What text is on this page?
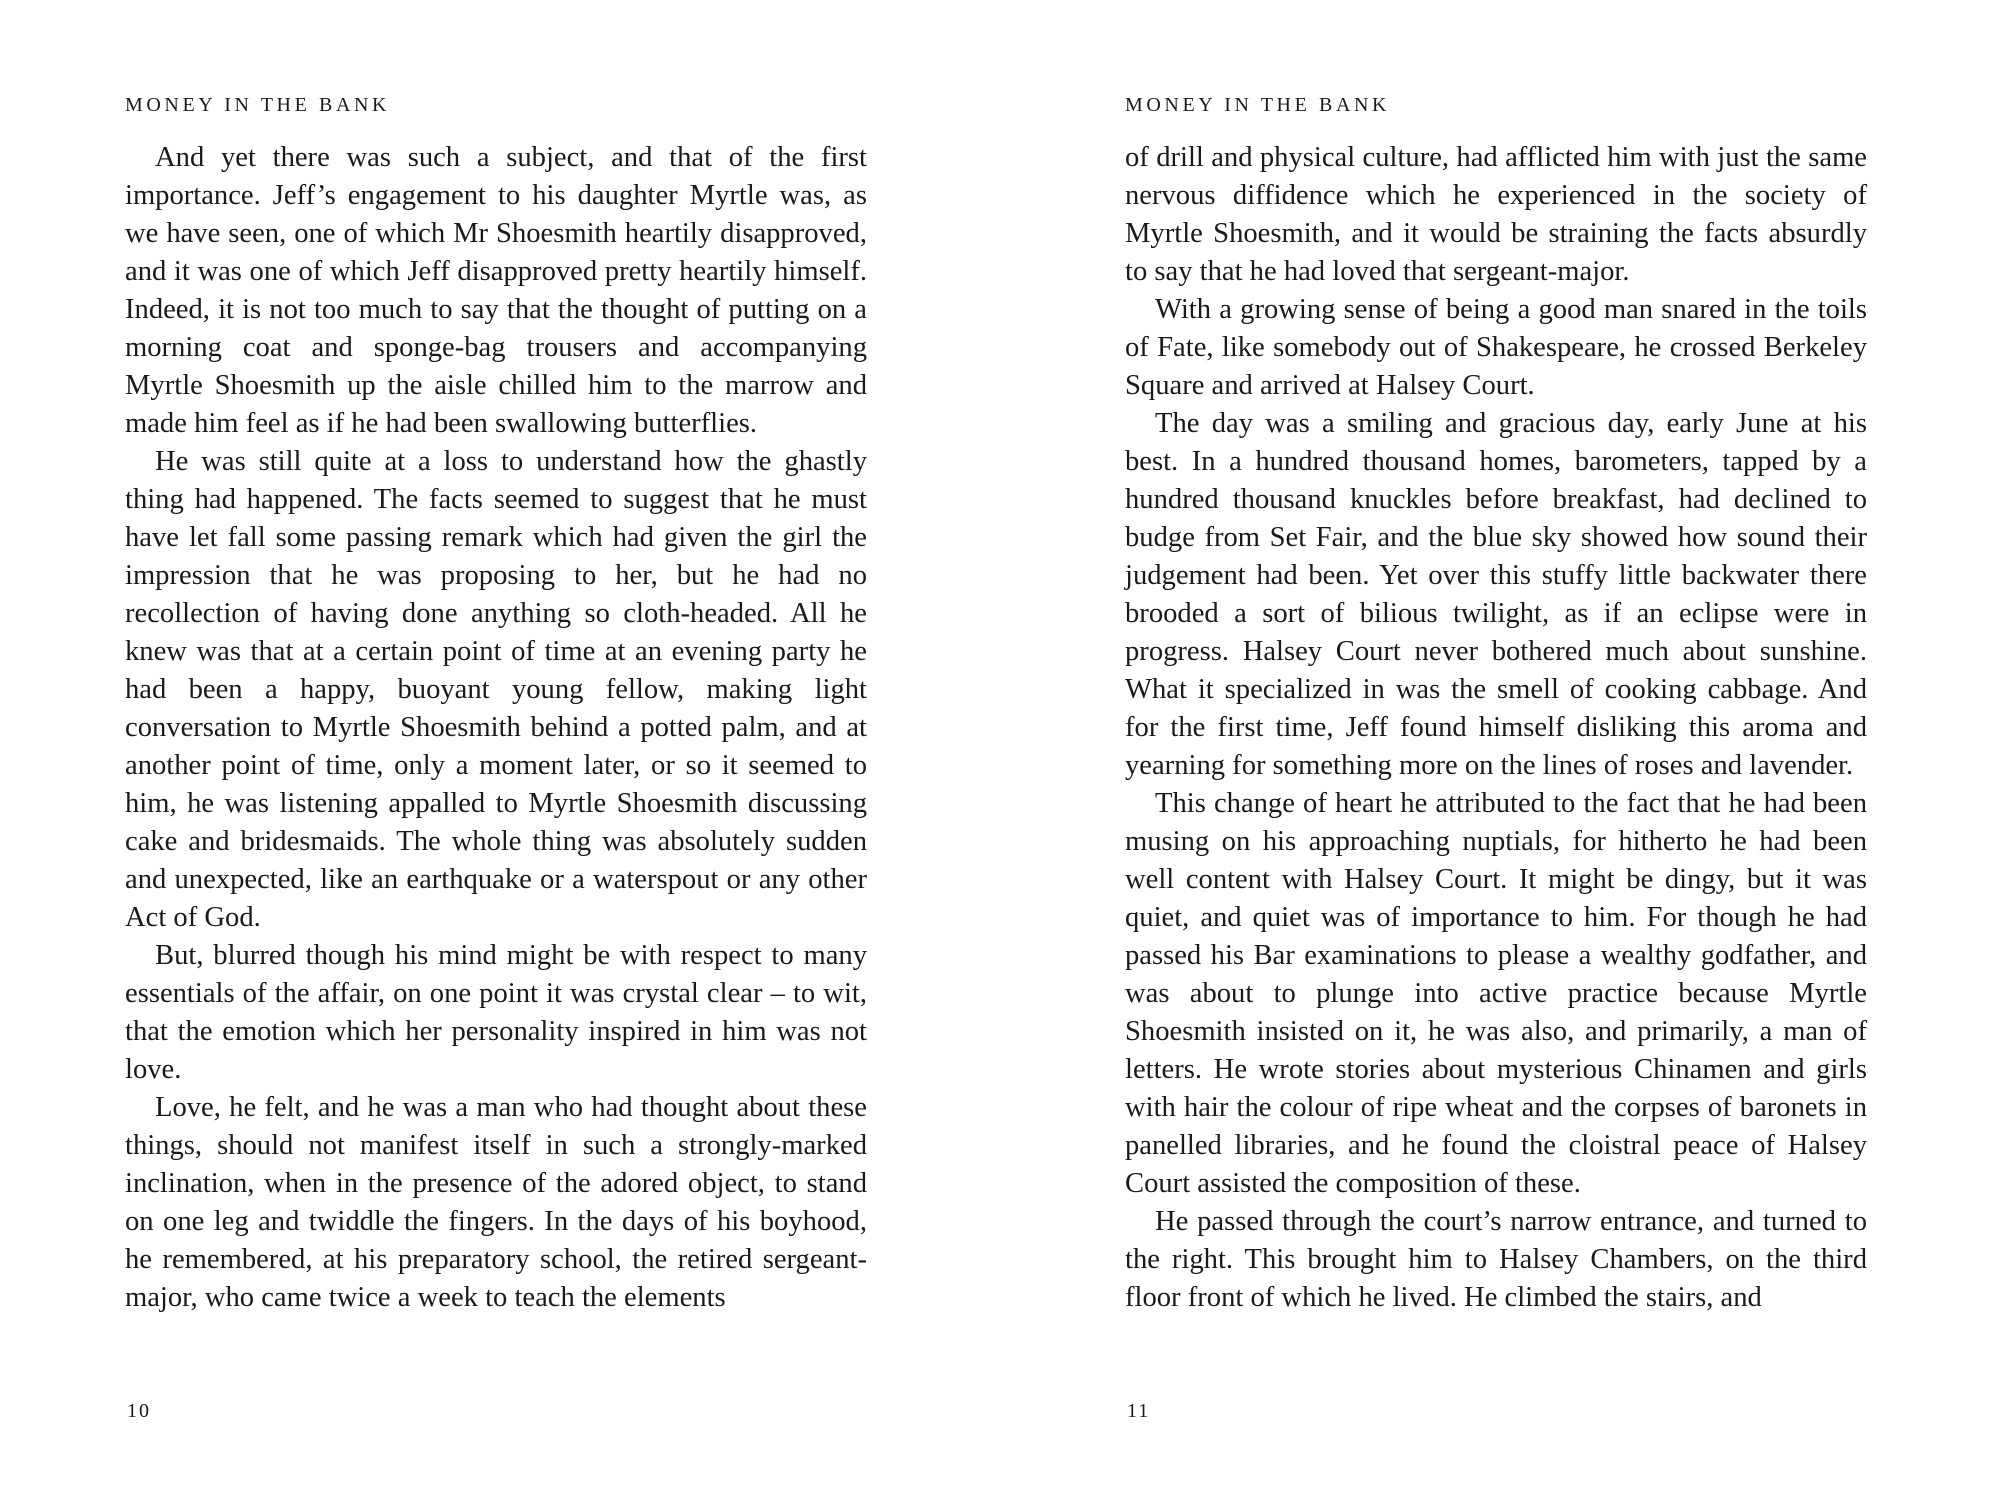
MONEY IN THE BANK

And yet there was such a subject, and that of the first importance. Jeff’s engagement to his daughter Myrtle was, as we have seen, one of which Mr Shoesmith heartily disapproved, and it was one of which Jeff disapproved pretty heartily himself. Indeed, it is not too much to say that the thought of putting on a morning coat and sponge-bag trousers and accompanying Myrtle Shoesmith up the aisle chilled him to the marrow and made him feel as if he had been swallowing butterflies.

He was still quite at a loss to understand how the ghastly thing had happened. The facts seemed to suggest that he must have let fall some passing remark which had given the girl the impression that he was proposing to her, but he had no recollection of having done anything so cloth-headed. All he knew was that at a certain point of time at an evening party he had been a happy, buoyant young fellow, making light conversation to Myrtle Shoesmith behind a potted palm, and at another point of time, only a moment later, or so it seemed to him, he was listening appalled to Myrtle Shoesmith discussing cake and bridesmaids. The whole thing was absolutely sudden and unexpected, like an earthquake or a waterspout or any other Act of God.

But, blurred though his mind might be with respect to many essentials of the affair, on one point it was crystal clear – to wit, that the emotion which her personality inspired in him was not love.

Love, he felt, and he was a man who had thought about these things, should not manifest itself in such a strongly-marked inclination, when in the presence of the adored object, to stand on one leg and twiddle the fingers. In the days of his boyhood, he remembered, at his preparatory school, the retired sergeant-major, who came twice a week to teach the elements

10
MONEY IN THE BANK

of drill and physical culture, had afflicted him with just the same nervous diffidence which he experienced in the society of Myrtle Shoesmith, and it would be straining the facts absurdly to say that he had loved that sergeant-major.

With a growing sense of being a good man snared in the toils of Fate, like somebody out of Shakespeare, he crossed Berkeley Square and arrived at Halsey Court.

The day was a smiling and gracious day, early June at his best. In a hundred thousand homes, barometers, tapped by a hundred thousand knuckles before breakfast, had declined to budge from Set Fair, and the blue sky showed how sound their judgement had been. Yet over this stuffy little backwater there brooded a sort of bilious twilight, as if an eclipse were in progress. Halsey Court never bothered much about sunshine. What it specialized in was the smell of cooking cabbage. And for the first time, Jeff found himself disliking this aroma and yearning for something more on the lines of roses and lavender.

This change of heart he attributed to the fact that he had been musing on his approaching nuptials, for hitherto he had been well content with Halsey Court. It might be dingy, but it was quiet, and quiet was of importance to him. For though he had passed his Bar examinations to please a wealthy godfather, and was about to plunge into active practice because Myrtle Shoesmith insisted on it, he was also, and primarily, a man of letters. He wrote stories about mysterious Chinamen and girls with hair the colour of ripe wheat and the corpses of baronets in panelled libraries, and he found the cloistral peace of Halsey Court assisted the composition of these.

He passed through the court’s narrow entrance, and turned to the right. This brought him to Halsey Chambers, on the third floor front of which he lived. He climbed the stairs, and

11
